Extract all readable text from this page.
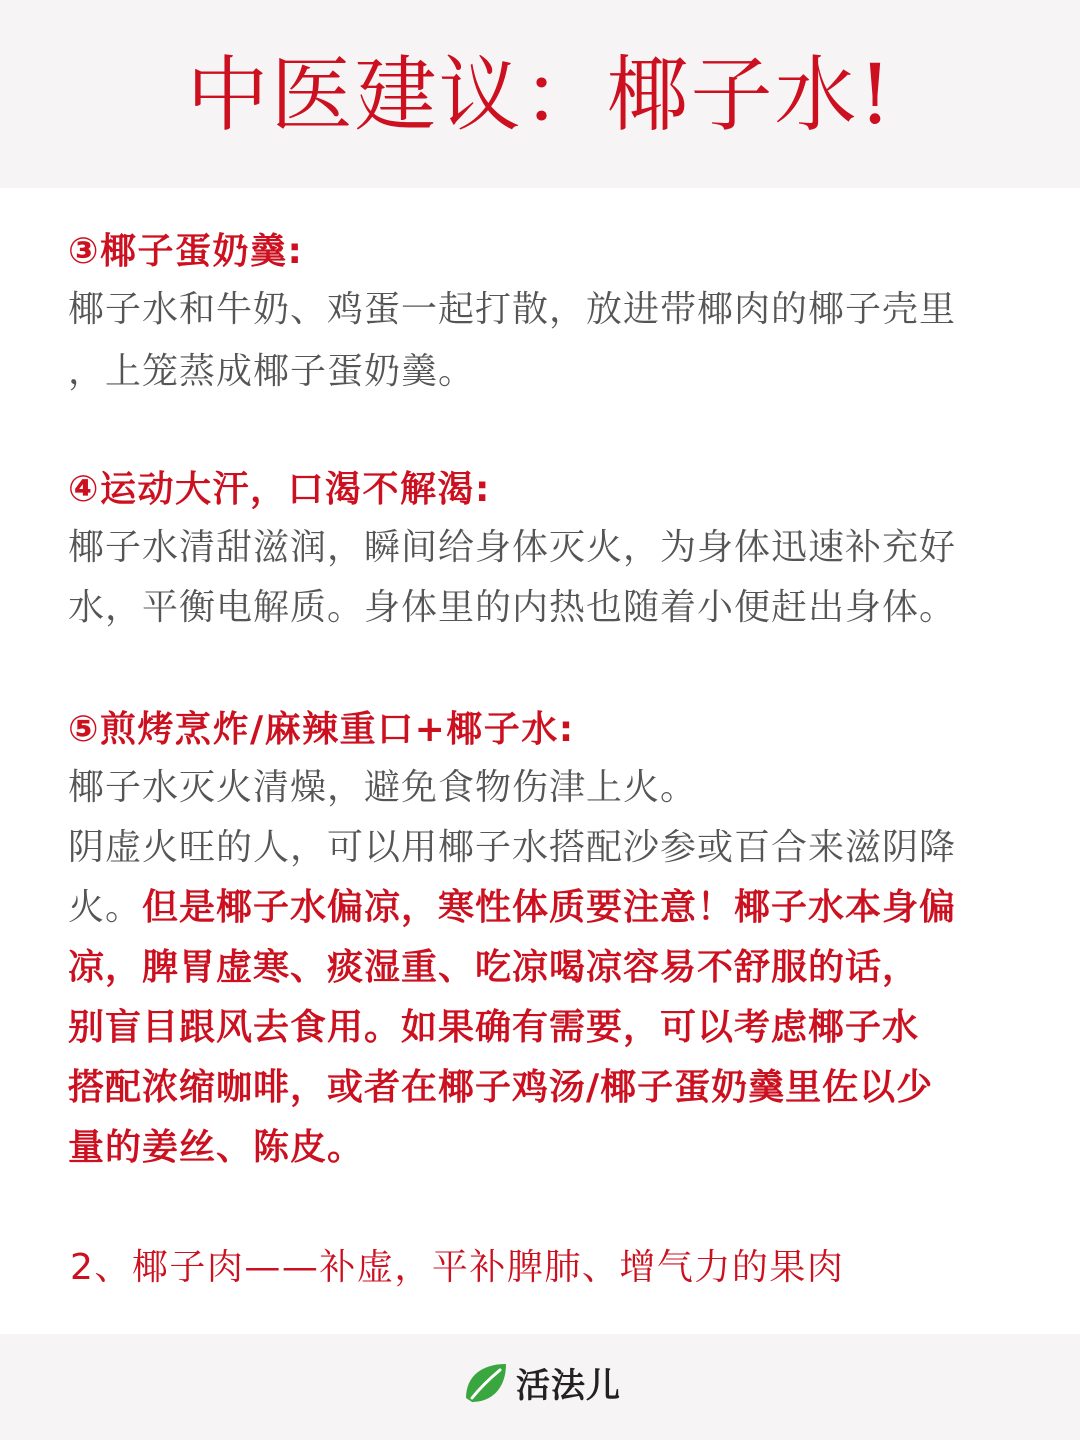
中医建议：椰子水!
③椰子蛋奶羹:
椰子水和牛奶、鸡蛋一起打散，放进带椰肉的椰子壳里
，上笼蒸成椰子蛋奶羹。
④运动大汗，口渴不解渴:
椰子水清甜滋润，瞬间给身体灭火，为身体迅速补充好
水，平衡电解质。身体里的内热也随着小便赶出身体。
⑤煎烤烹炸/麻辣重口+椰子水:
椰子水灭火清燥，避免食物伤津上火。
阴虚火旺的人，可以用椰子水搭配沙参或百合来滋阴降
火。但是椰子水偏凉，寒性体质要注意！椰子水本身偏
凉，脾胃虚寒、痰湿重、吃凉喝凉容易不舒服的话，
别盲目跟风去食用。如果确有需要，可以考虑椰子水
搭配浓缩咖啡，或者在椰子鸡汤/椰子蛋奶羹里佐以少
量的姜丝、陈皮。
2、椰子肉——补虚，平补脾肺、增气力的果肉
活法儿
